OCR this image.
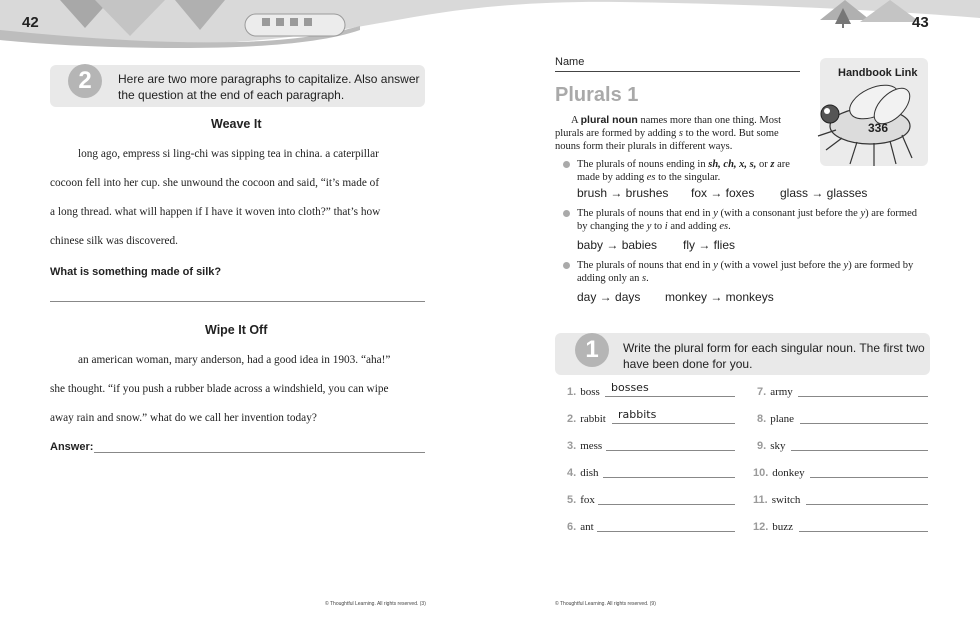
42	43
2	Here are two more paragraphs to capitalize. Also answer
the question at the end of each paragraph.
Weave It
long ago, empress si ling-chi was sipping tea in china. a caterpillar
cocoon fell into her cup. she unwound the cocoon and said, “it’s made of
a long thread. what will happen if I have it woven into cloth?” that’s how
chinese silk was discovered.
What is something made of silk?
Wipe It Off
an american woman, mary anderson, had a good idea in 1903. “aha!”
she thought. “if you push a rubber blade across a windshield, you can wipe
away rain and snow.” what do we call her invention today?
Answer:
© Thoughtful Learning. All rights reserved. (3)
Name
Plurals 1
Handbook Link
336
A plural noun names more than one thing. Most
plurals are formed by adding s to the word. But some
nouns form their plurals in different ways.
The plurals of nouns ending in sh, ch, x, s, or z are
made by adding es to the singular.
brush → brushes fox → foxes glass → glasses
The plurals of nouns that end in y (with a consonant just before the y) are formed
by changing the y to i and adding es.
baby → babies fly → flies
The plurals of nouns that end in y (with a vowel just before the y) are formed by
adding only an s.
day → days monkey → monkeys
1	Write the plural form for each singular noun. The first two
have been done for you.
1. boss bosses
2. rabbit rabbits
3. mess
4. dish
5. fox
6. ant
7. army
8. plane
9. sky
10. donkey
11. switch
12. buzz
© Thoughtful Learning. All rights reserved. (9)
